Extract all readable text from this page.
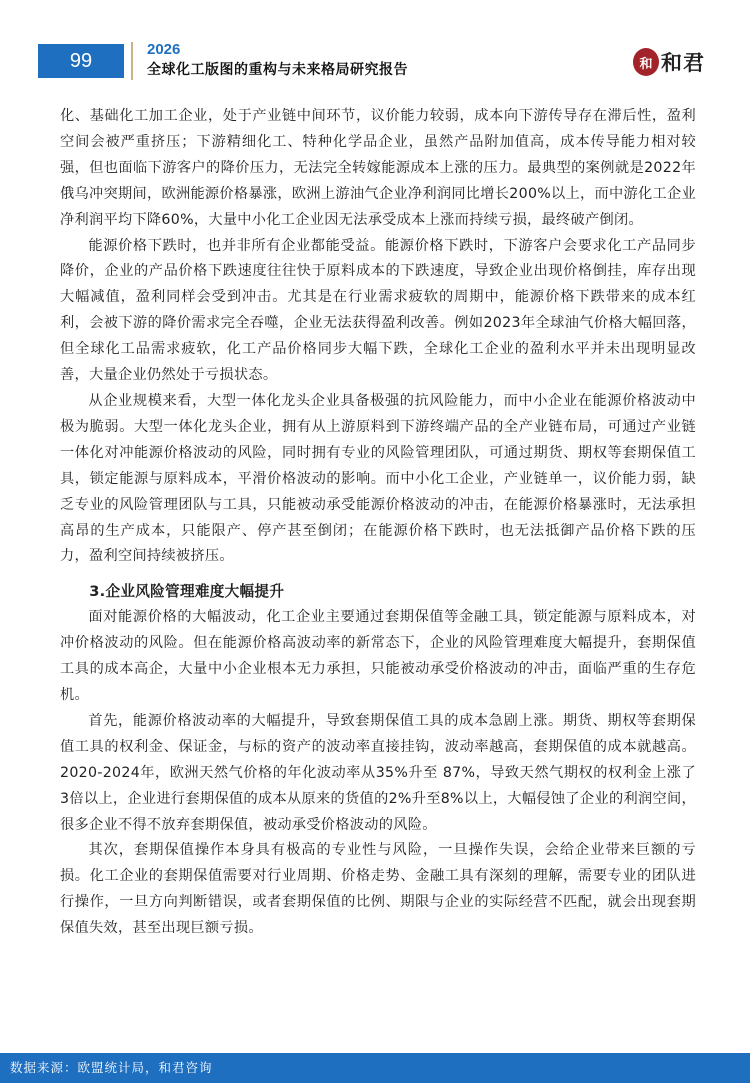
99	2026
全球化工版图的重构与未来格局研究报告	和 和君

化、基础化工加工企业，处于产业链中间环节，议价能力较弱，成本向下游传导存在滞后性，盈利空间会被严重挤压；下游精细化工、特种化学品企业，虽然产品附加值高，成本传导能力相对较强，但也面临下游客户的降价压力，无法完全转嫁能源成本上涨的压力。最典型的案例就是2022年俄乌冲突期间，欧洲能源价格暴涨，欧洲上游油气企业净利润同比增长200%以上，而中游化工企业净利润平均下降60%，大量中小化工企业因无法承受成本上涨而持续亏损，最终破产倒闭。

能源价格下跌时，也并非所有企业都能受益。能源价格下跌时，下游客户会要求化工产品同步降价，企业的产品价格下跌速度往往快于原料成本的下跌速度，导致企业出现价格倒挂，库存出现大幅减值，盈利同样会受到冲击。尤其是在行业需求疲软的周期中，能源价格下跌带来的成本红利，会被下游的降价需求完全吞噬，企业无法获得盈利改善。例如2023年全球油气价格大幅回落，但全球化工品需求疲软，化工产品价格同步大幅下跌，全球化工企业的盈利水平并未出现明显改善，大量企业仍然处于亏损状态。

从企业规模来看，大型一体化龙头企业具备极强的抗风险能力，而中小企业在能源价格波动中极为脆弱。大型一体化龙头企业，拥有从上游原料到下游终端产品的全产业链布局，可通过产业链一体化对冲能源价格波动的风险，同时拥有专业的风险管理团队，可通过期货、期权等套期保值工具，锁定能源与原料成本，平滑价格波动的影响。而中小化工企业，产业链单一，议价能力弱，缺乏专业的风险管理团队与工具，只能被动承受能源价格波动的冲击，在能源价格暴涨时，无法承担高昂的生产成本，只能限产、停产甚至倒闭；在能源价格下跌时，也无法抵御产品价格下跌的压力，盈利空间持续被挤压。

3.企业风险管理难度大幅提升

面对能源价格的大幅波动，化工企业主要通过套期保值等金融工具，锁定能源与原料成本，对冲价格波动的风险。但在能源价格高波动率的新常态下，企业的风险管理难度大幅提升，套期保值工具的成本高企，大量中小企业根本无力承担，只能被动承受价格波动的冲击，面临严重的生存危机。

首先，能源价格波动率的大幅提升，导致套期保值工具的成本急剧上涨。期货、期权等套期保值工具的权利金、保证金，与标的资产的波动率直接挂钩，波动率越高，套期保值的成本就越高。2020-2024年，欧洲天然气价格的年化波动率从35%升至 87%，导致天然气期权的权利金上涨了3倍以上，企业进行套期保值的成本从原来的货值的2%升至8%以上，大幅侵蚀了企业的利润空间，很多企业不得不放弃套期保值，被动承受价格波动的风险。

其次，套期保值操作本身具有极高的专业性与风险，一旦操作失误，会给企业带来巨额的亏损。化工企业的套期保值需要对行业周期、价格走势、金融工具有深刻的理解，需要专业的团队进行操作，一旦方向判断错误，或者套期保值的比例、期限与企业的实际经营不匹配，就会出现套期保值失效，甚至出现巨额亏损。

数据来源：欧盟统计局，和君咨询
